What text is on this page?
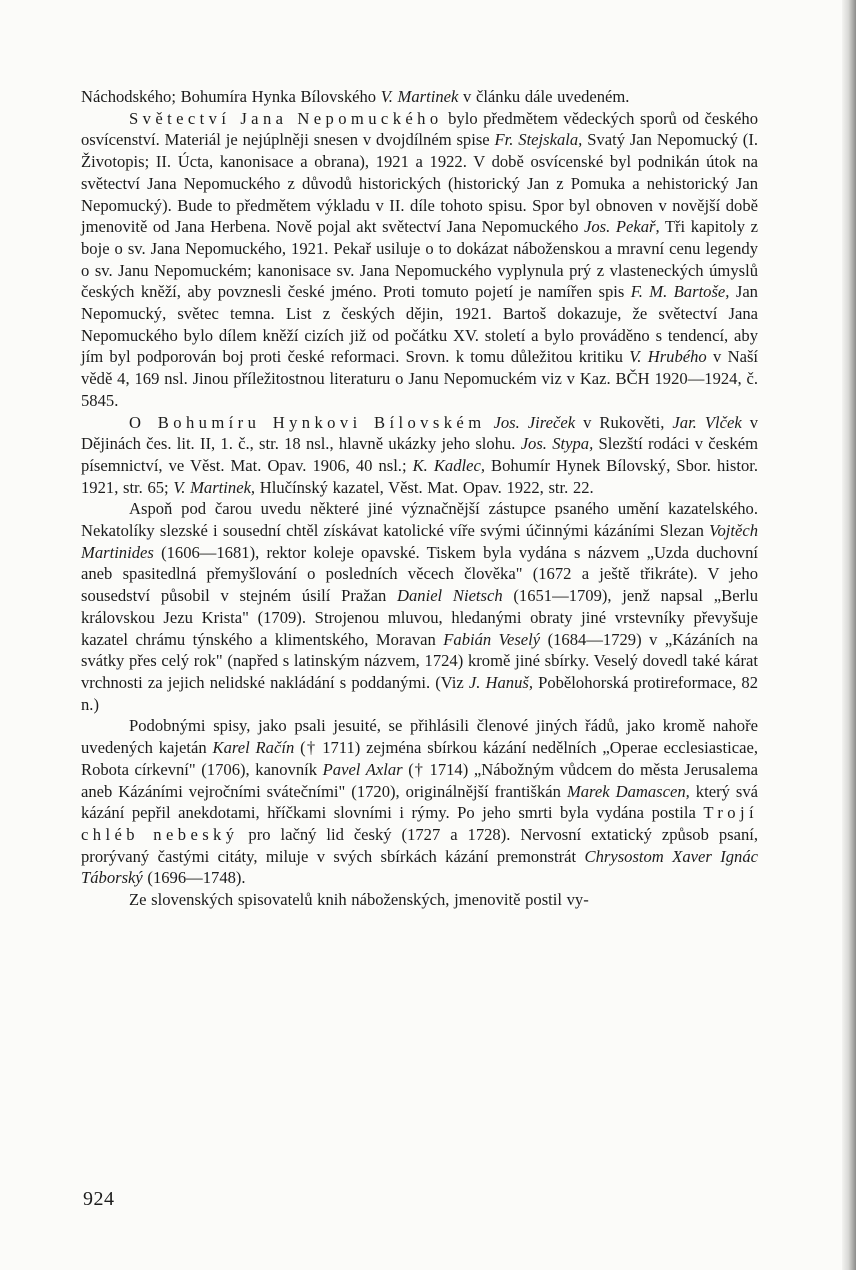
Náchodského; Bohumíra Hynka Bílovského V. Martinek v článku dále uvedeném.

Světectví Jana Nepomuckého bylo předmětem vědeckých sporů od českého osvícenství. Materiál je nejúplněji snesen v dvojdílném spise Fr. Stejskala, Svatý Jan Nepomucký (I. Životopis; II. Úcta, kanonisace a obrana), 1921 a 1922. V době osvícenské byl podnikán útok na světectví Jana Nepomuckého z důvodů historických (historický Jan z Pomuka a nehistorický Jan Nepomucký). Bude to předmětem výkladu v II. díle tohoto spisu. Spor byl obnoven v novější době jmenovitě od Jana Herbena. Nově pojal akt světectví Jana Nepomuckého Jos. Pekař, Tři kapitoly z boje o sv. Jana Nepomuckého, 1921. Pekař usiluje o to dokázat náboženskou a mravní cenu legendy o sv. Janu Nepomuckém; kanonisace sv. Jana Nepomuckého vyplynula prý z vlasteneckých úmyslů českých kněží, aby povznesli české jméno. Proti tomuto pojetí je namířen spis F. M. Bartoše, Jan Nepomucký, světec temna. List z českých dějin, 1921. Bartoš dokazuje, že světectví Jana Nepomuckého bylo dílem kněží cizích již od počátku XV. století a bylo prováděno s tendencí, aby jím byl podporován boj proti české reformaci. Srovn. k tomu důležitou kritiku V. Hrubého v Naší vědě 4, 169 nsl. Jinou příležitostnou literaturu o Janu Nepomuckém viz v Kaz. BČH 1920—1924, č. 5845.

O Bohumíru Hynkovi Bílovském Jos. Jireček v Rukověti, Jar. Vlček v Dějinách čes. lit. II, 1. č., str. 18 nsl., hlavně ukázky jeho slohu. Jos. Stypa, Slezští rodáci v českém písemnictví, ve Věst. Mat. Opav. 1906, 40 nsl.; K. Kadlec, Bohumír Hynek Bílovský, Sbor. histor. 1921, str. 65; V. Martinek, Hlučínský kazatel, Věst. Mat. Opav. 1922, str. 22.

Aspoň pod čarou uvedu některé jiné význačnější zástupce psaného umění kazatelského. Nekatolíky slezské i sousední chtěl získávat katolické víře svými účinnými kázáními Slezan Vojtěch Martinides (1606—1681), rektor koleje opavské. Tiskem byla vydána s názvem „Uzda duchovní aneb spasitedlná přemyšlování o posledních věcech člověka" (1672 a ještě třikráte). V jeho sousedství působil v stejném úsilí Pražan Daniel Nietsch (1651—1709), jenž napsal „Berlu královskou Jezu Krista" (1709). Strojenou mluvou, hledanými obraty jiné vrstevníky převyšuje kazatel chrámu týnského a klimentského, Moravan Fabián Veselý (1684—1729) v „Kázáních na svátky přes celý rok" (napřed s latinským názvem, 1724) kromě jiné sbírky. Veselý dovedl také kárat vrchnosti za jejich nelidské nakládání s poddanými. (Viz J. Hanuš, Pobělohorská protireformace, 82 n.)

Podobnými spisy, jako psali jesuité, se přihlásili členové jiných řádů, jako kromě nahoře uvedených kajetán Karel Račín († 1711) zejména sbírkou kázání nedělních „Operae ecclesiasticae, Robota církevní" (1706), kanovník Pavel Axlar († 1714) „Nábožným vůdcem do města Jerusalema aneb Kázáními vejročními svátečními" (1720), originálnější františkán Marek Damascen, který svá kázání pepřil anekdotami, hříčkami slovními i rýmy. Po jeho smrti byla vydána postila Trojí chléb nebeský pro lačný lid český (1727 a 1728). Nervosní extatický způsob psaní, prorývaný častými citáty, miluje v svých sbírkách kázání premonstrát Chrysostom Xaver Ignác Táborský (1696—1748).

Ze slovenských spisovatelů knih náboženských, jmenovitě postil vy-

924
